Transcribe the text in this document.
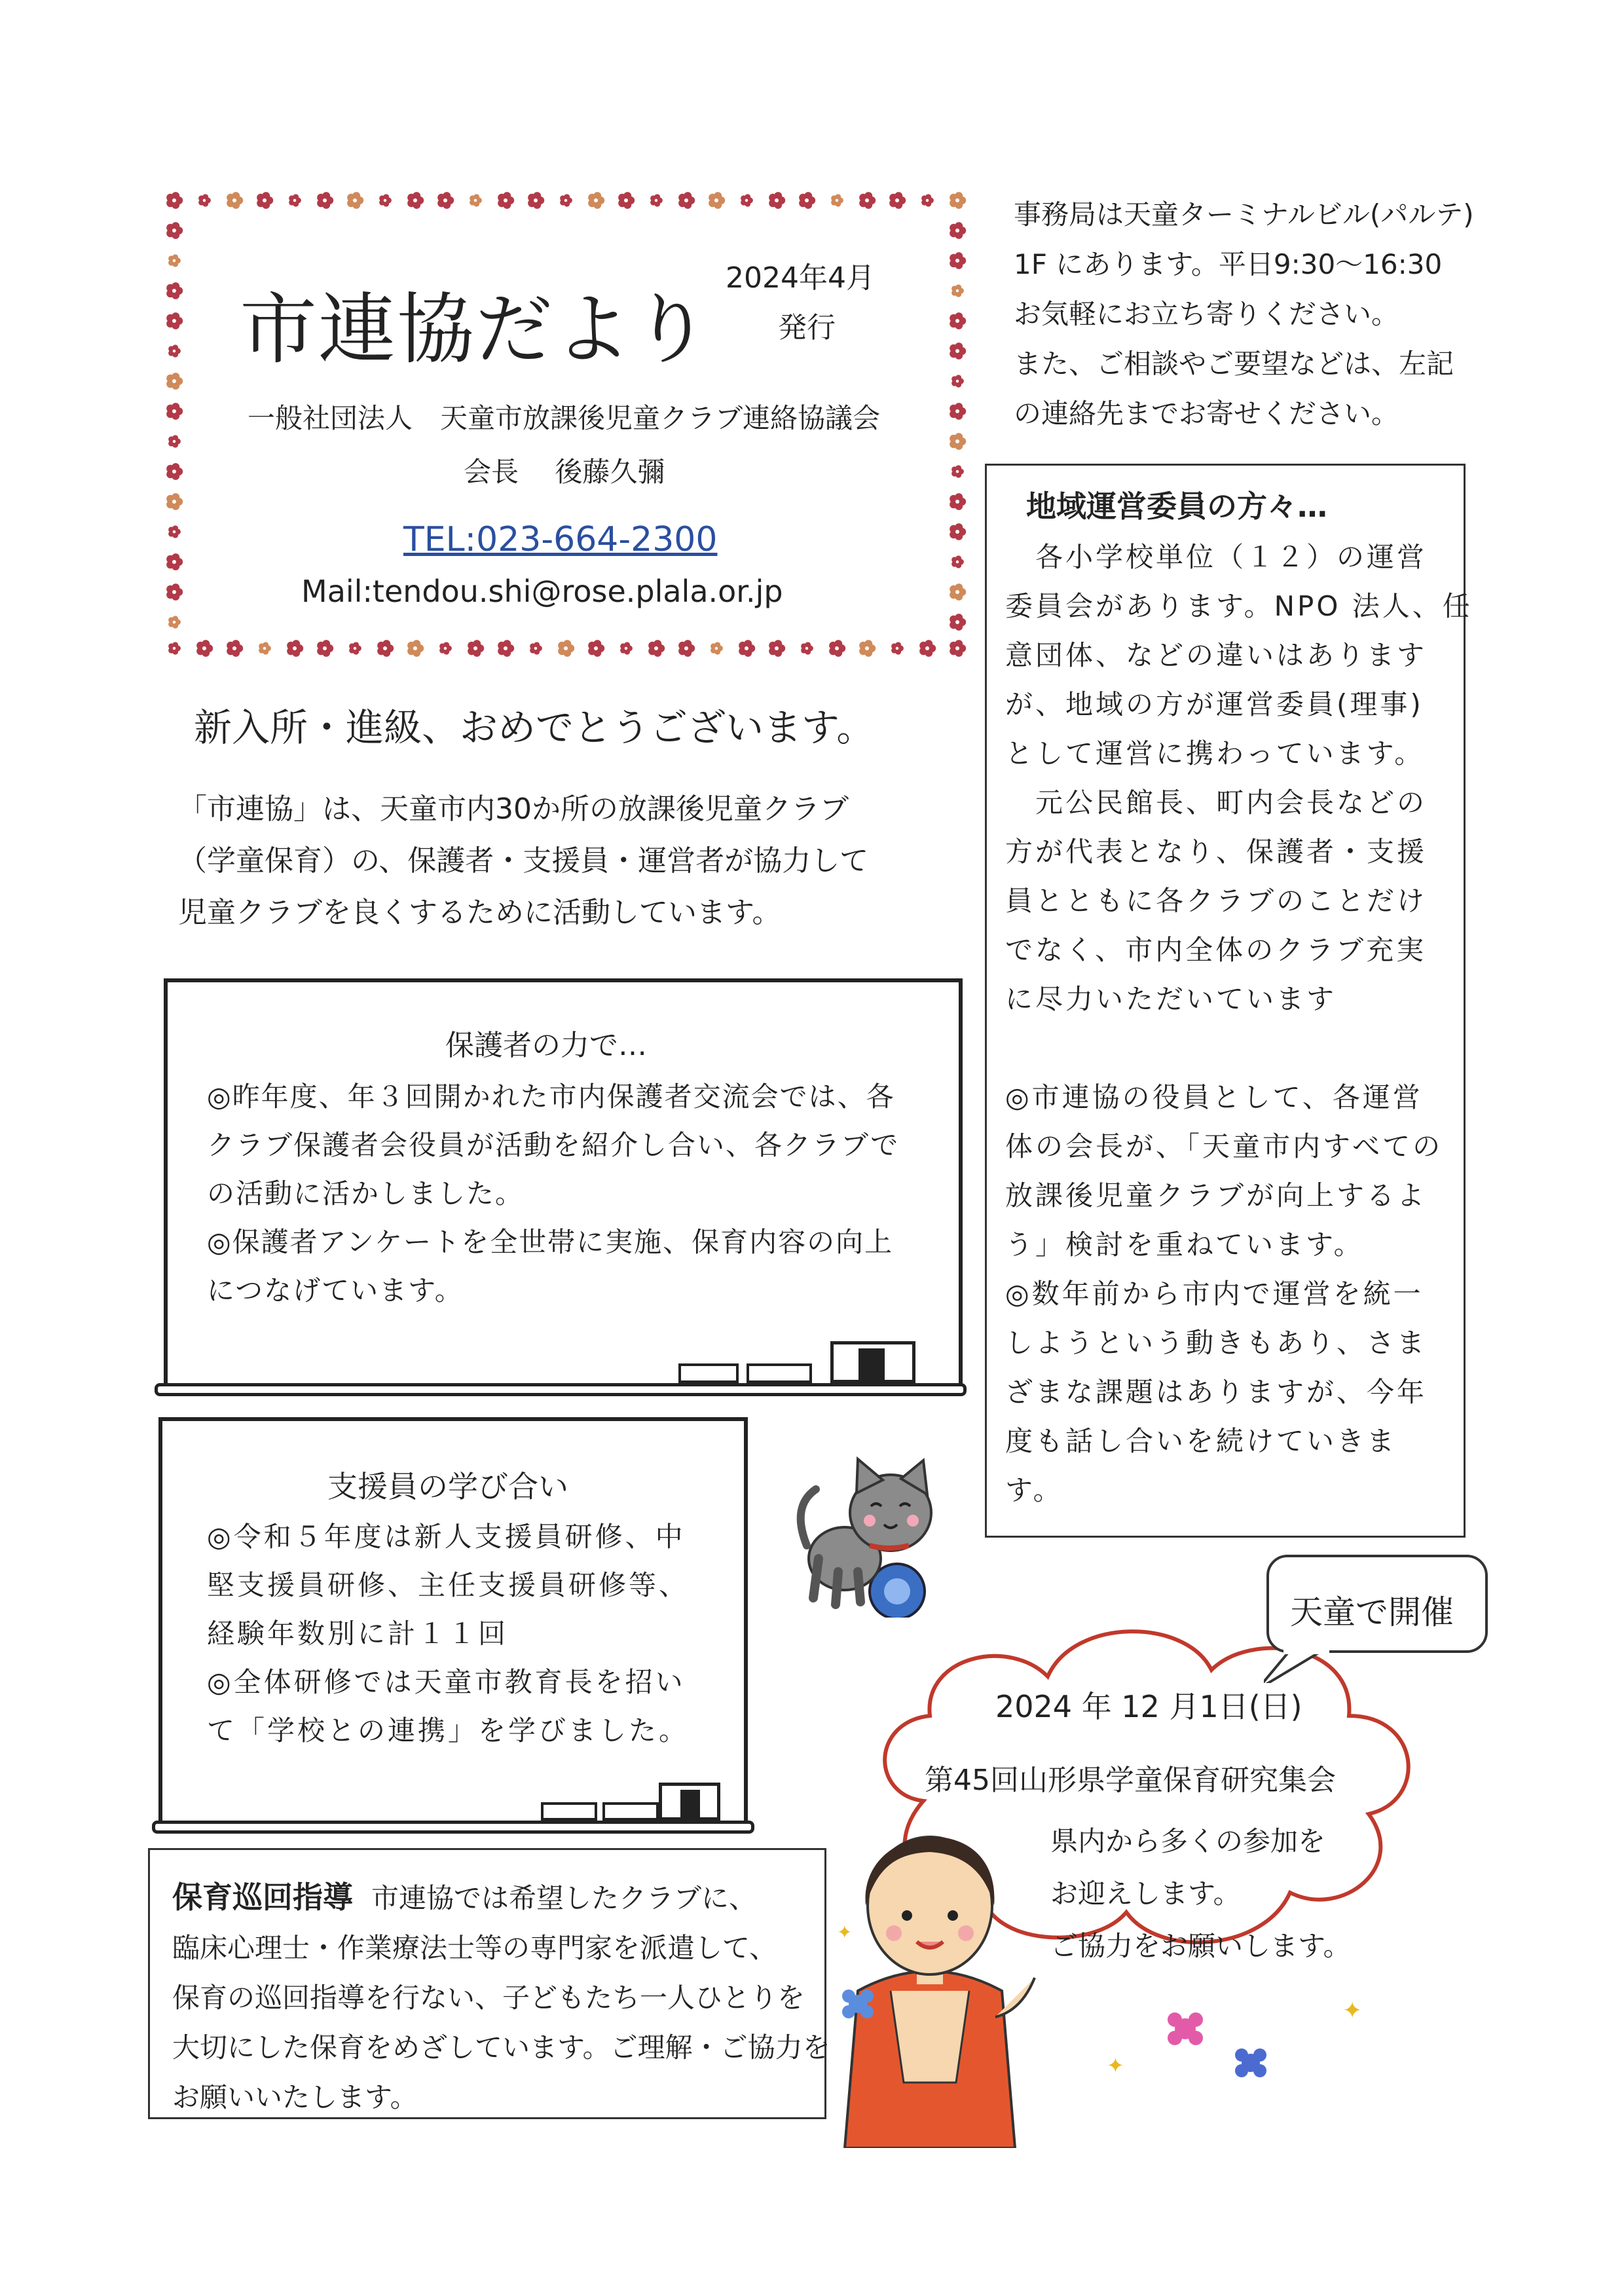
市連協だより
2024年4月
発行
一般社団法人　天童市放課後児童クラブ連絡協議会
会長　 後藤久彌
TEL:023-664-2300
Mail:tendou.shi@rose.plala.or.jp
事務局は天童ターミナルビル(パルテ)
1F にあります。平日9:30～16:30
お気軽にお立ち寄りください。
また、ご相談やご要望などは、左記
の連絡先までお寄せください。
地域運営委員の方々…
　各小学校単位（１２）の運営
委員会があります。NPO 法人、任
意団体、などの違いはあります
が、地域の方が運営委員(理事)
として運営に携わっています。
　元公民館長、町内会長などの
方が代表となり、保護者・支援
員とともに各クラブのことだけ
でなく、市内全体のクラブ充実
に尽力いただいています

◎市連協の役員として、各運営
体の会長が、「天童市内すべての
放課後児童クラブが向上するよ
う」検討を重ねています。
◎数年前から市内で運営を統一
しようという動きもあり、さま
ざまな課題はありますが、今年
度も話し合いを続けていきま
す。
新入所・進級、おめでとうございます。
「市連協」は、天童市内30か所の放課後児童クラブ
（学童保育）の、保護者・支援員・運営者が協力して
児童クラブを良くするために活動しています。
保護者の力で…
◎昨年度、年３回開かれた市内保護者交流会では、各
クラブ保護者会役員が活動を紹介し合い、各クラブで
の活動に活かしました。
◎保護者アンケートを全世帯に実施、保育内容の向上
につなげています。
支援員の学び合い
◎令和５年度は新人支援員研修、中
堅支援員研修、主任支援員研修等、
経験年数別に計１１回
◎全体研修では天童市教育長を招い
て「学校との連携」を学びました。
保育巡回指導 市連協では希望したクラブに、
臨床心理士・作業療法士等の専門家を派遣して、
保育の巡回指導を行ない、子どもたち一人ひとりを
大切にした保育をめざしています。ご理解・ご協力を
お願いいたします。
天童で開催
2024 年 12 月1日(日)
第45回山形県学童保育研究集会
県内から多くの参加を
お迎えします。
ご協力をお願いします。
✦
✦
✦
